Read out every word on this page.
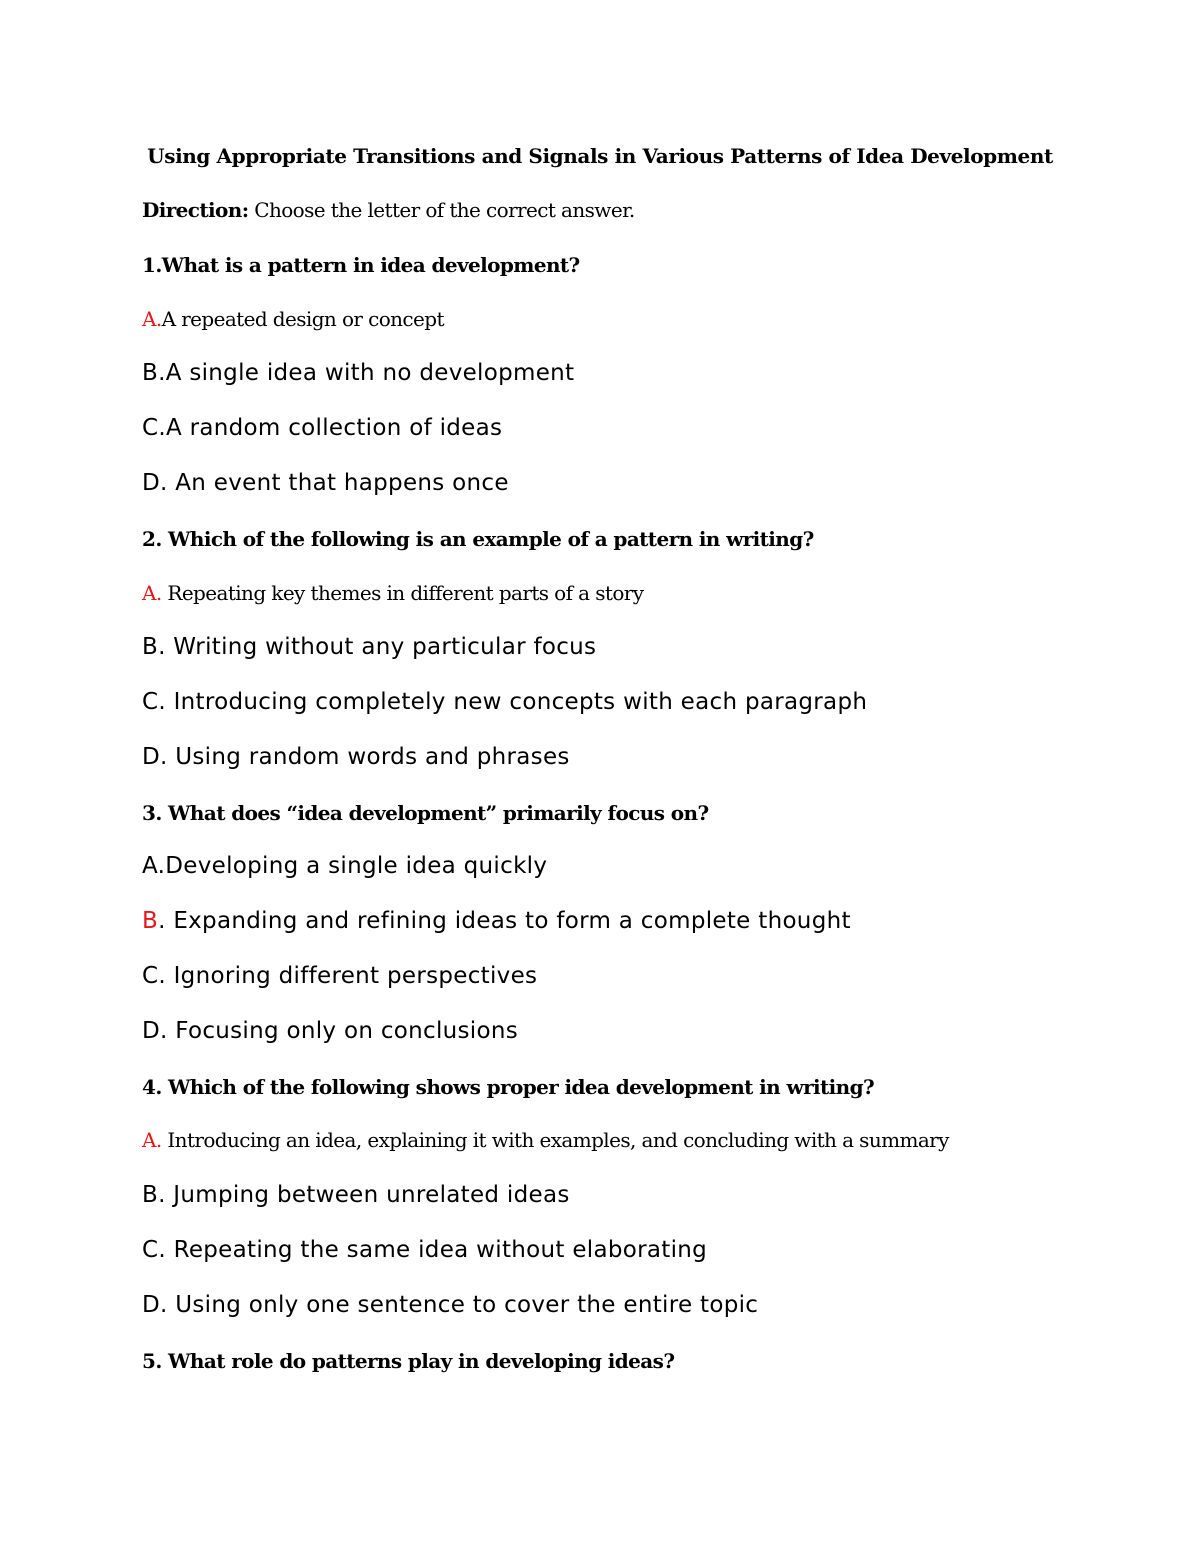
Using Appropriate Transitions and Signals in Various Patterns of Idea Development
Direction: Choose the letter of the correct answer.
1.What is a pattern in idea development?
A.A repeated design or concept
B.A single idea with no development
C.A random collection of ideas
D. An event that happens once
2. Which of the following is an example of a pattern in writing?
A. Repeating key themes in different parts of a story
B. Writing without any particular focus
C. Introducing completely new concepts with each paragraph
D. Using random words and phrases
3. What does “idea development” primarily focus on?
A.Developing a single idea quickly
B. Expanding and refining ideas to form a complete thought
C. Ignoring different perspectives
D. Focusing only on conclusions
4. Which of the following shows proper idea development in writing?
A. Introducing an idea, explaining it with examples, and concluding with a summary
B. Jumping between unrelated ideas
C. Repeating the same idea without elaborating
D. Using only one sentence to cover the entire topic
5. What role do patterns play in developing ideas?
